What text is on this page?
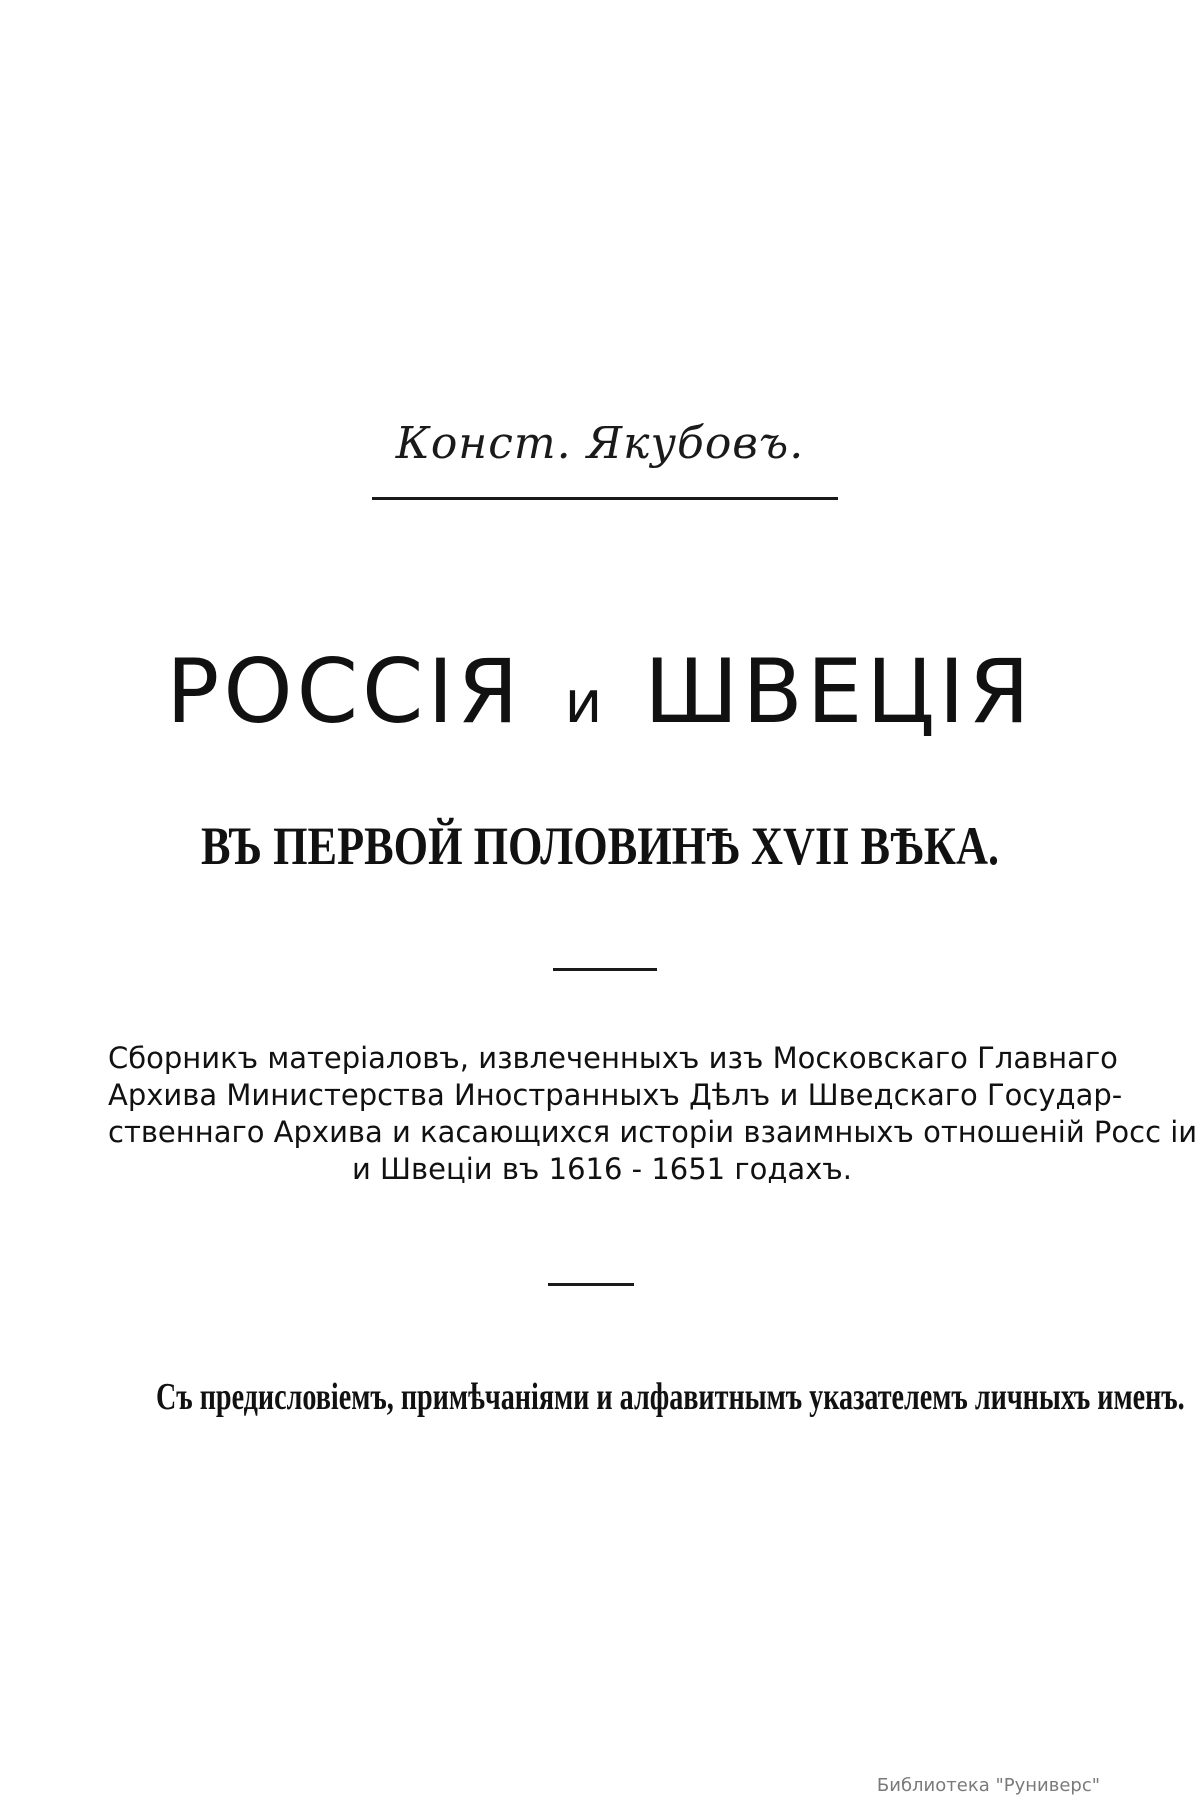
Конст. Якубовъ.
РОССІЯ и ШВЕЦІЯ
ВЪ ПЕРВОЙ ПОЛОВИНѢ XVII ВѢКА.
Сборникъ матеріаловъ, извлеченныхъ изъ Московскаго Главнаго
Архива Министерства Иностранныхъ Дѣлъ и Шведскаго Государ-
ственнаго Архива и касающихся исторіи взаимныхъ отношеній Росс іи
и Швеціи въ 1616 - 1651 годахъ.
Съ предисловіемъ, примѣчаніями и алфавитнымъ указателемъ личныхъ именъ.
Библиотека "Руниверс"
